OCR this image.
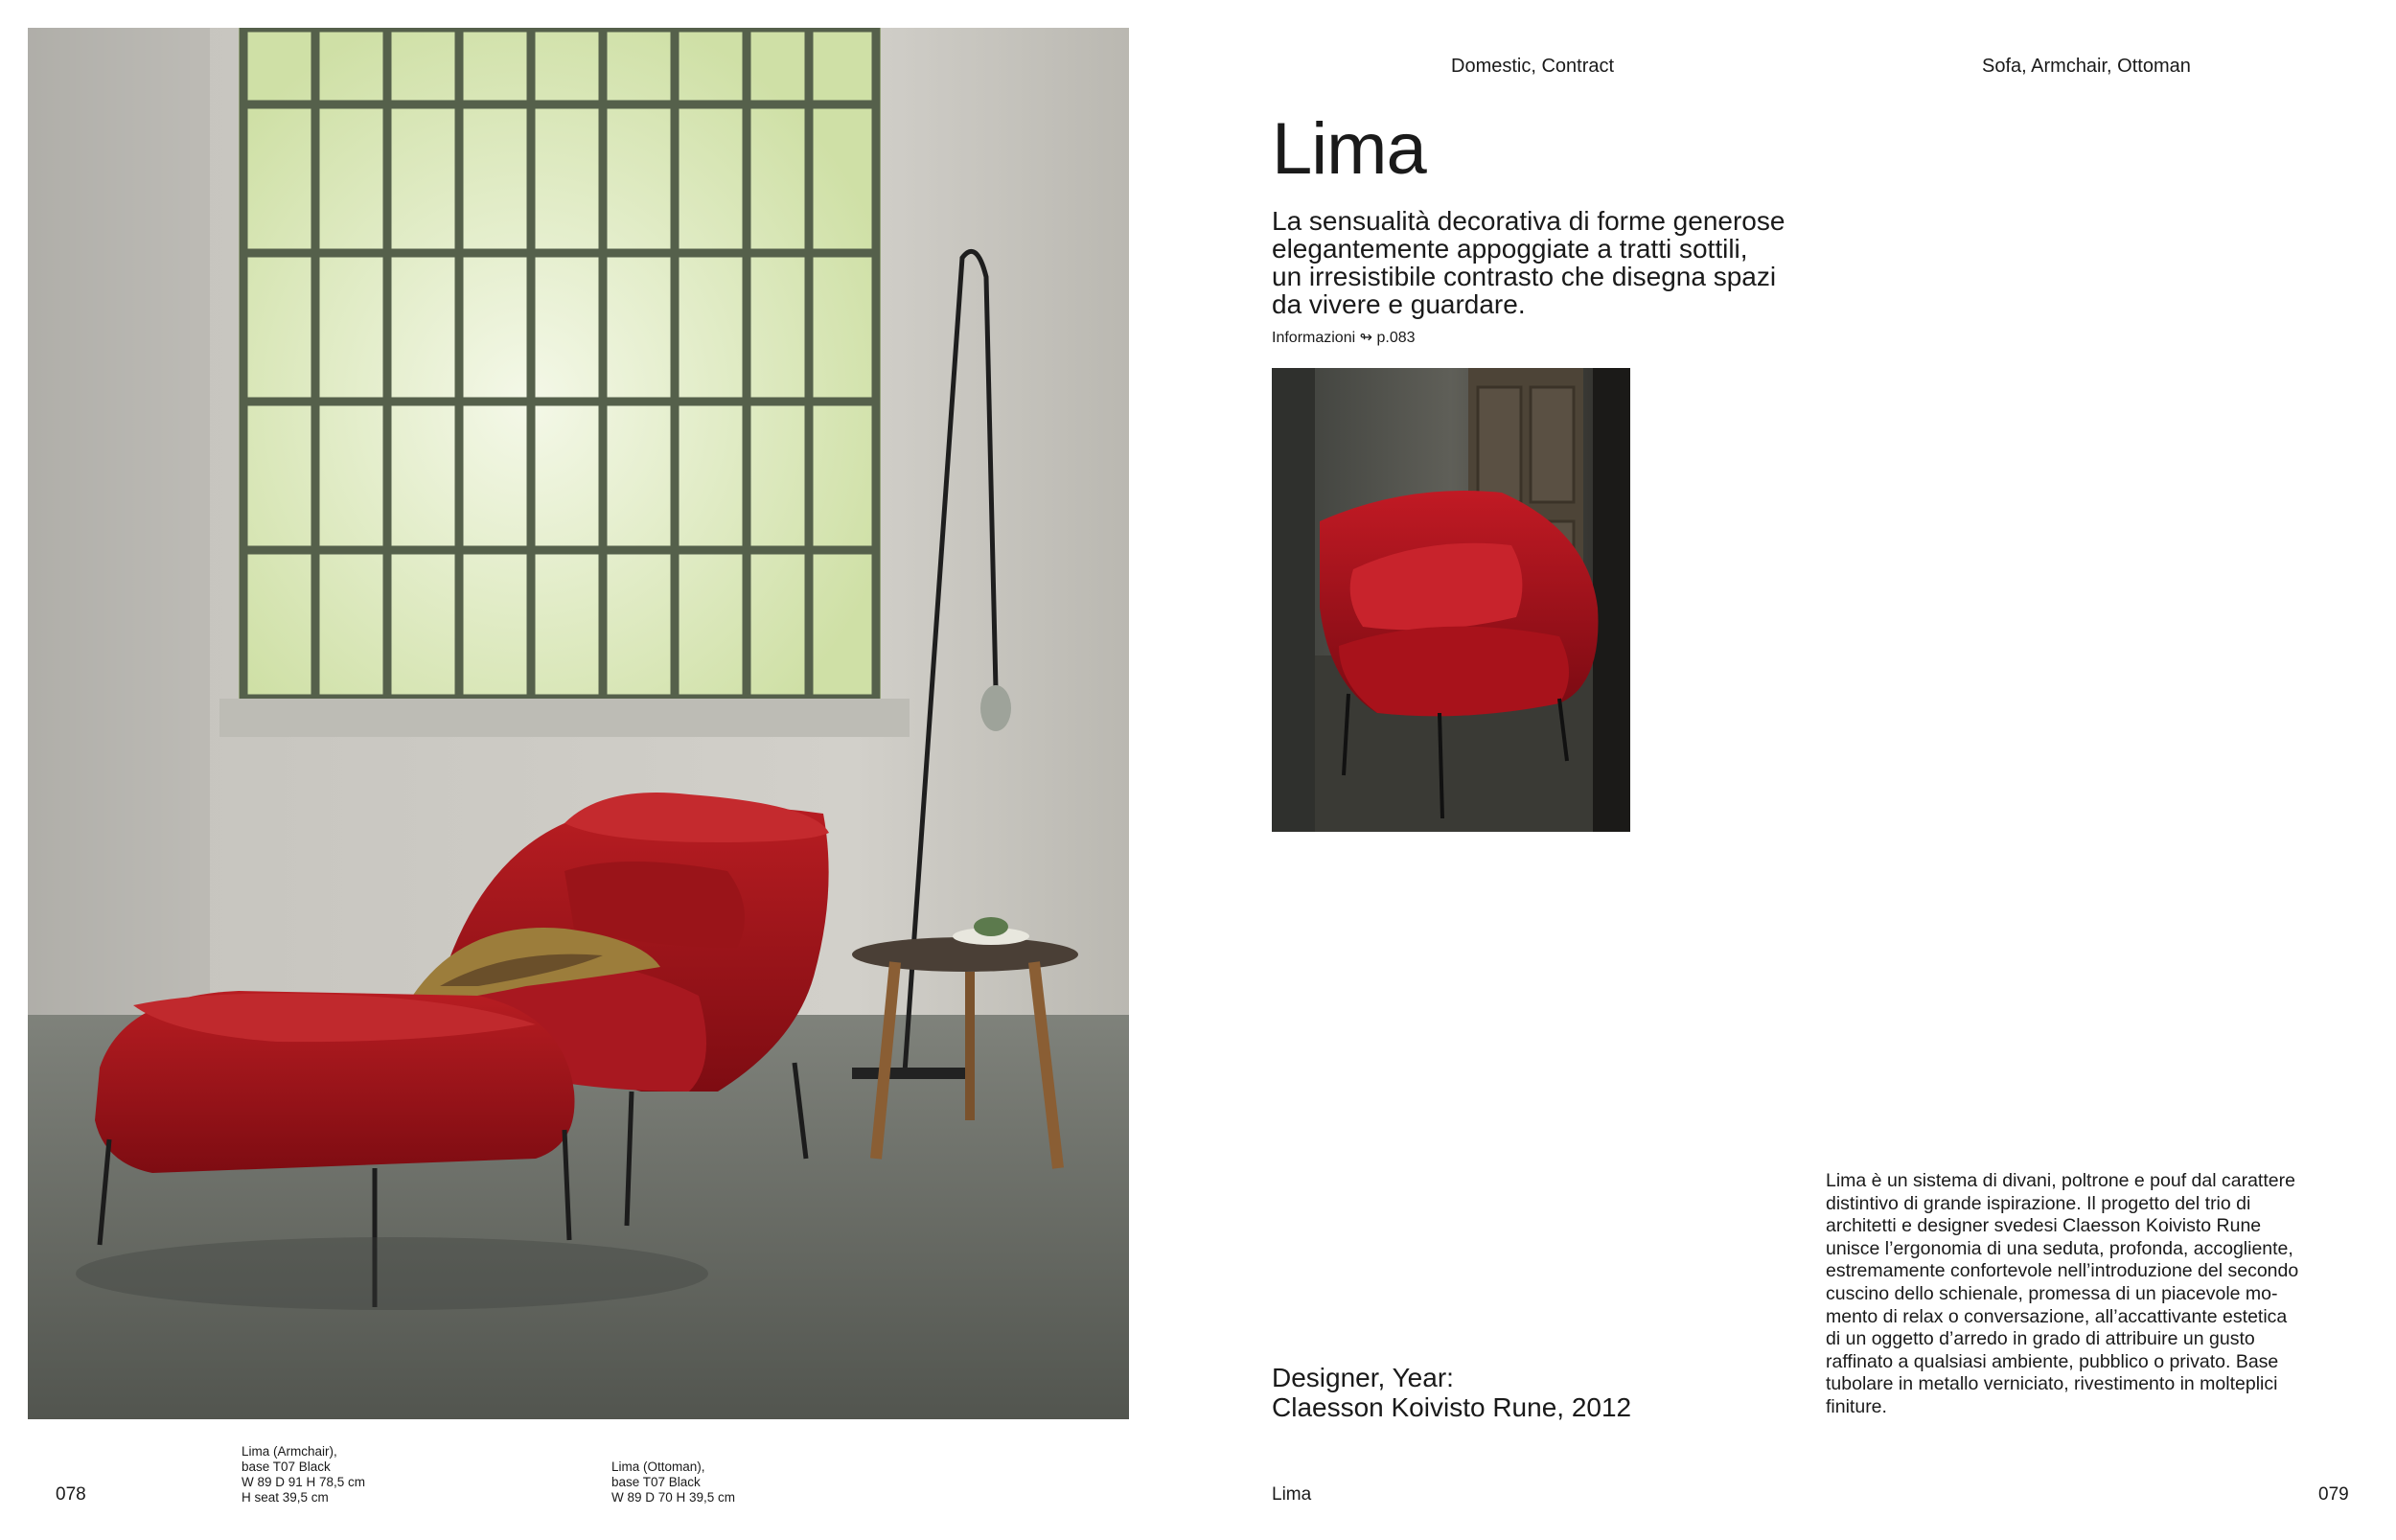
078
Lima (Armchair),
base T07 Black
W 89 D 91 H 78,5 cm
H seat 39,5 cm
Lima (Ottoman),
base T07 Black
W 89 D 70 H 39,5 cm
Domestic, Contract	Sofa, Armchair, Ottoman
Lima
La sensualità decorativa di forme generose
elegantemente appoggiate a tratti sottili,
un irresistibile contrasto che disegna spazi
da vivere e guardare.
Informazioni ↬ p.083
Designer, Year:
Claesson Koivisto Rune, 2012
Lima è un sistema di divani, poltrone e pouf dal carattere
distintivo di grande ispirazione. Il progetto del trio di
architetti e designer svedesi Claesson Koivisto Rune
unisce l’ergonomia di una seduta, profonda, accogliente,
estremamente confortevole nell’introduzione del secondo
cuscino dello schienale, promessa di un piacevole mo-
mento di relax o conversazione, all’accattivante estetica
di un oggetto d’arredo in grado di attribuire un gusto
raffinato a qualsiasi ambiente, pubblico o privato. Base
tubolare in metallo verniciato, rivestimento in molteplici
finiture.
Lima	079
